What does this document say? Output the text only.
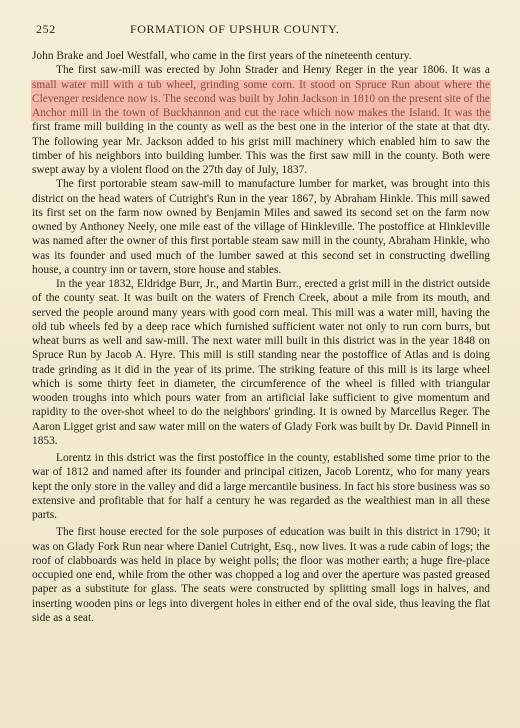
252	FORMATION OF UPSHUR COUNTY.

John Brake and Joel Westfall, who came in the first years of the nineteenth century.

The first saw-mill was erected by John Strader and Henry Reger in the year 1806. It was a small water mill with a tub wheel, grinding some corn. It stood on Spruce Run about where the Clevenger residence now is. The second was built by John Jackson in 1810 on the present site of the Anchor mill in the town of Buckhannon and cut the race which now makes the Island. It was the first frame mill building in the county as well as the best one in the interior of the state at that dty. The following year Mr. Jackson added to his grist mill machinery which enabled him to saw the timber of his neighbors into building lumber. This was the first saw mill in the county. Both were swept away by a violent flood on the 27th day of July, 1837.

The first portorable steam saw-mill to manufacture lumber for market, was brought into this district on the head waters of Cutright's Run in the year 1867, by Abraham Hinkle. This mill sawed its first set on the farm now owned by Benjamin Miles and sawed its second set on the farm now owned by Anthoney Neely, one mile east of the village of Hinkleville. The postoffice at Hinkleville was named after the owner of this first portable steam saw mill in the county, Abraham Hinkle, who was its founder and used much of the lumber sawed at this second set in constructing dwelling house, a country inn or tavern, store house and stables.

In the year 1832, Eldridge Burr, Jr., and Martin Burr., erected a grist mill in the district outside of the county seat. It was built on the waters of French Creek, about a mile from its mouth, and served the people around many years with good corn meal. This mill was a water mill, having the old tub wheels fed by a deep race which furnished sufficient water not only to run corn burrs, but wheat burrs as well and saw-mill. The next water mill built in this district was in the year 1848 on Spruce Run by Jacob A. Hyre. This mill is still standing near the postoffice of Atlas and is doing trade grinding as it did in the year of its prime. The striking feature of this mill is its large wheel which is some thirty feet in diameter, the circumference of the wheel is filled with triangular wooden troughs into which pours water from an artificial lake sufficient to give momentum and rapidity to the over-shot wheel to do the neighbors' grinding. It is owned by Marcellus Reger. The Aaron Ligget grist and saw water mill on the waters of Glady Fork was built by Dr. David Pinnell in 1853.

Lorentz in this dstrict was the first postoffice in the county, established some time prior to the war of 1812 and named after its founder and principal citizen, Jacob Lorentz, who for many years kept the only store in the valley and did a large mercantile business. In fact his store business was so extensive and profitable that for half a century he was regarded as the wealthiest man in all these parts.

The first house erected for the sole purposes of education was built in this district in 1790; it was on Glady Fork Run near where Daniel Cutright, Esq., now lives. It was a rude cabin of logs; the roof of clabboards was held in place by weight polls; the floor was mother earth; a huge fire-place occupied one end, while from the other was chopped a log and over the aperture was pasted greased paper as a substitute for glass. The seats were constructed by splitting small logs in halves, and inserting wooden pins or legs into divergent holes in either end of the oval side, thus leaving the flat side as a seat.
